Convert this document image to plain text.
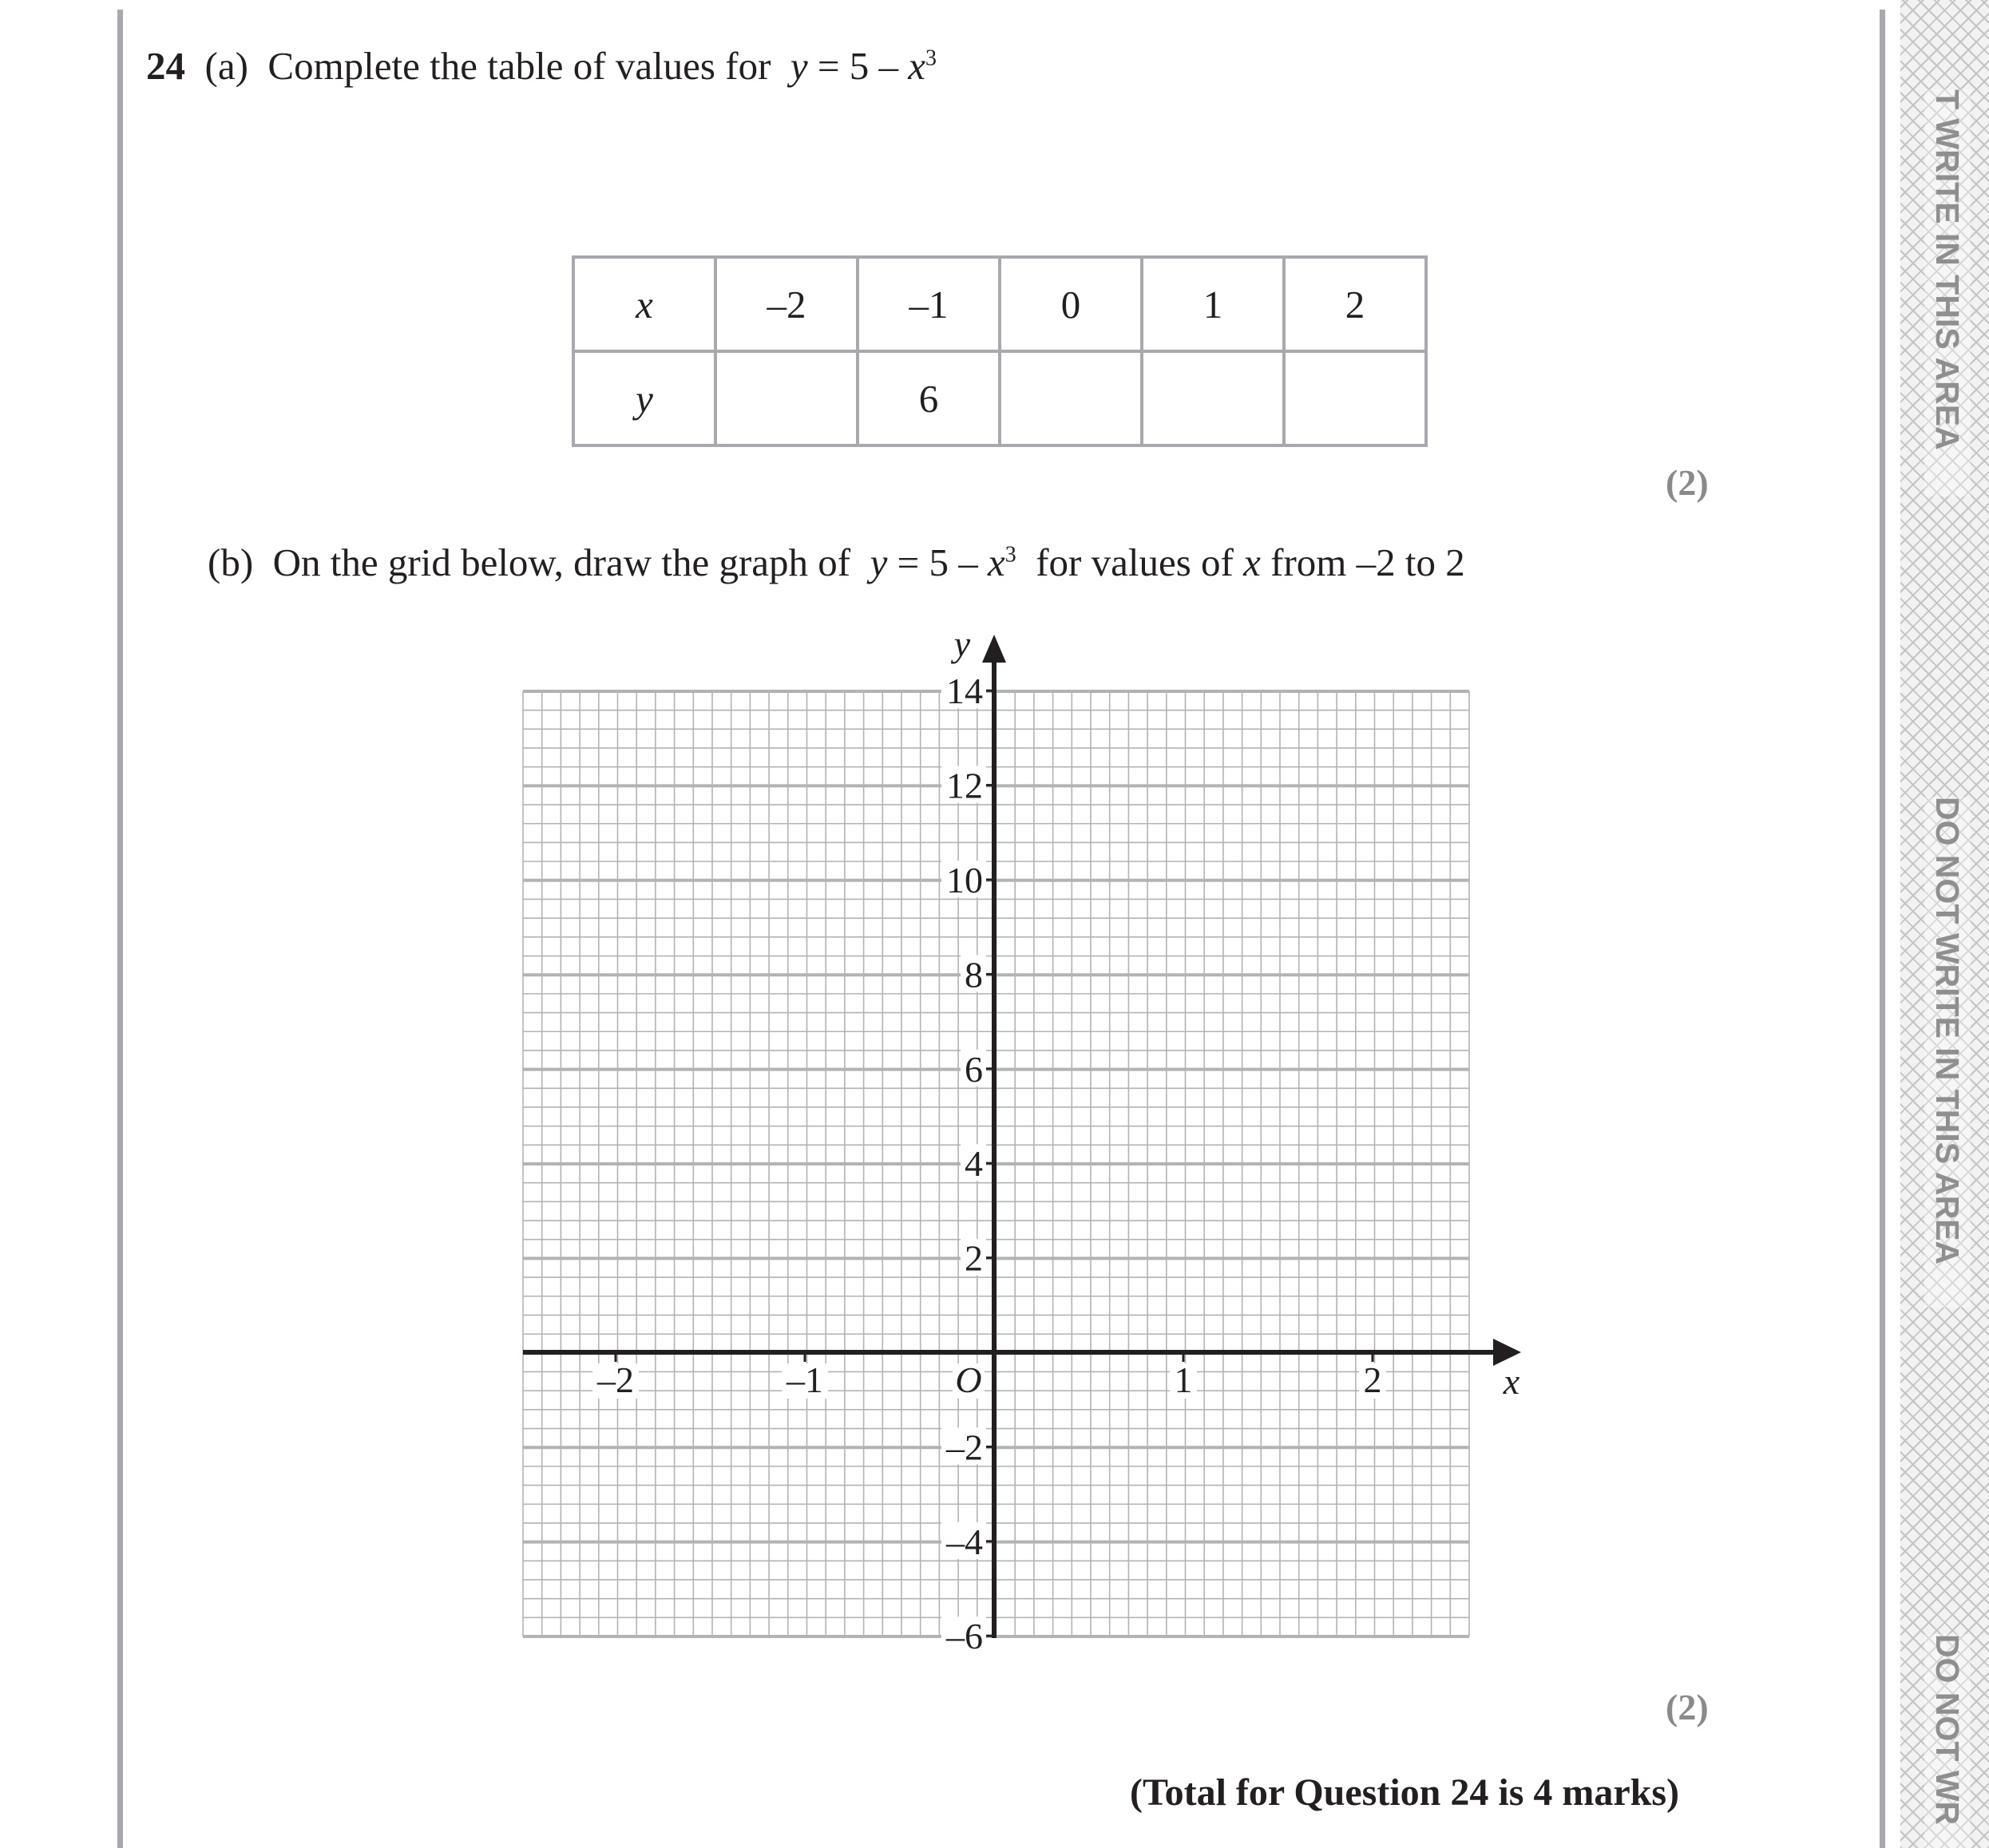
T WRITE IN THIS AREA
DO NOT WRITE IN THIS AREA
DO NOT WR
24 (a) Complete the table of values for $y = 5 - x^3$
x	–2	–1	0	1	2
y		6			
(2)
(b) On the grid below, draw the graph of $y = 5 - x^3$ for values of x from –2 to 2
14
12
10
8
6
4
2
–2
–4
–6
–2	–1	1	2
O	x
y
(2)
(Total for Question 24 is 4 marks)
